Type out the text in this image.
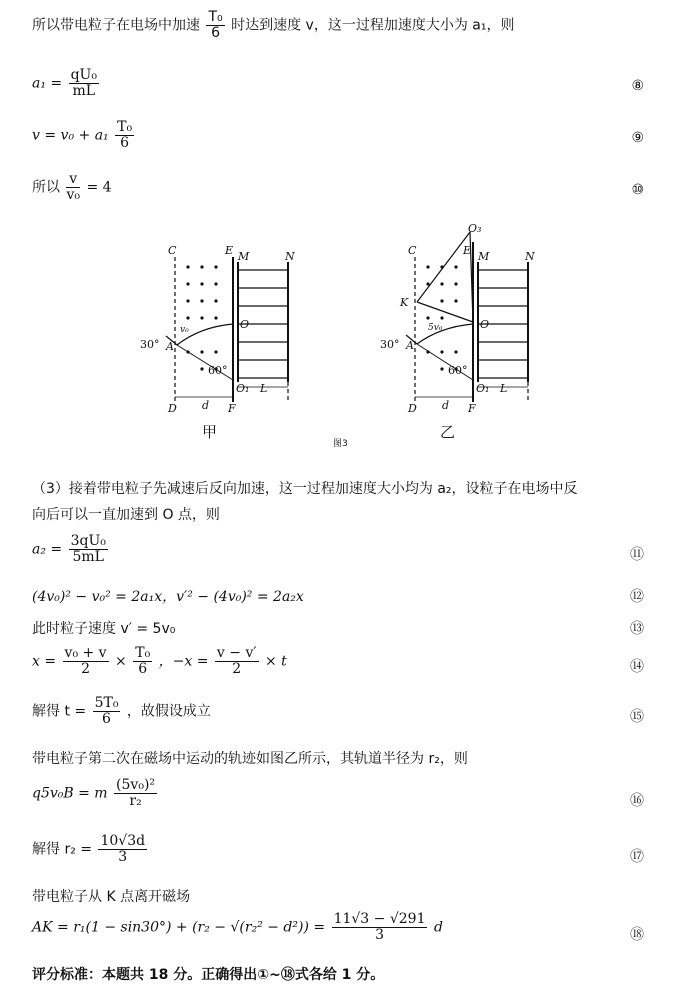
所以带电粒子在电场中加速 $\frac{\text{T₀}}{6}$ 时达到速度 v，这一过程加速度大小为 a₁，则
$a_1 = \frac{\text{qU₀}}{mL}$	⑧
$v = v_0 + a_1 \frac{\text{T₀}}{6}$	⑨
所以 $\frac{v}{\text{v₀}} = 4$	⑩
C	E M	N
O
A
D	F
O₁
d
L
v₀
30°
60°
C	E M	N
O₃
K
O
A
D	F
O₁
d
L
5v₀
30°
60°
甲	乙
图3
（3）接着带电粒子先减速后反向加速，这一过程加速度大小均为 a₂，设粒子在电场中反
向后可以一直加速到 O 点，则
$a_2 = \frac{\text{3qU₀}}{5mL}$	⑪
(4v₀)² − v₀² = 2a₁x，v′² − (4v₀)² = 2a₂x	⑫
此时粒子速度 v′ = 5v₀	⑬
$x = \frac{\text{v₀ + v}}{2} \times \frac{\text{T₀}}{6}$ ，$-x = \frac{v - v'}{2} \times t$	⑭
解得 $t = \frac{\text{5T₀}}{6}$ ，故假设成立	⑮
带电粒子第二次在磁场中运动的轨迹如图乙所示，其轨道半径为 r₂，则
q5v₀B = m $\frac{\text{(5v₀)²}}{\text{r₂}}$	⑯
解得 $r_2 = \frac{10√3d}{3}$	⑰
带电粒子从 K 点离开磁场
AK = $r_1(1 - \sin 30^\circ) + (r_2 - √(r_2^2 - d^2)) = \frac{11√3 - √291}{3}$ d	⑱
评分标准：本题共 18 分。正确得出①~⑱式各给 1 分。
